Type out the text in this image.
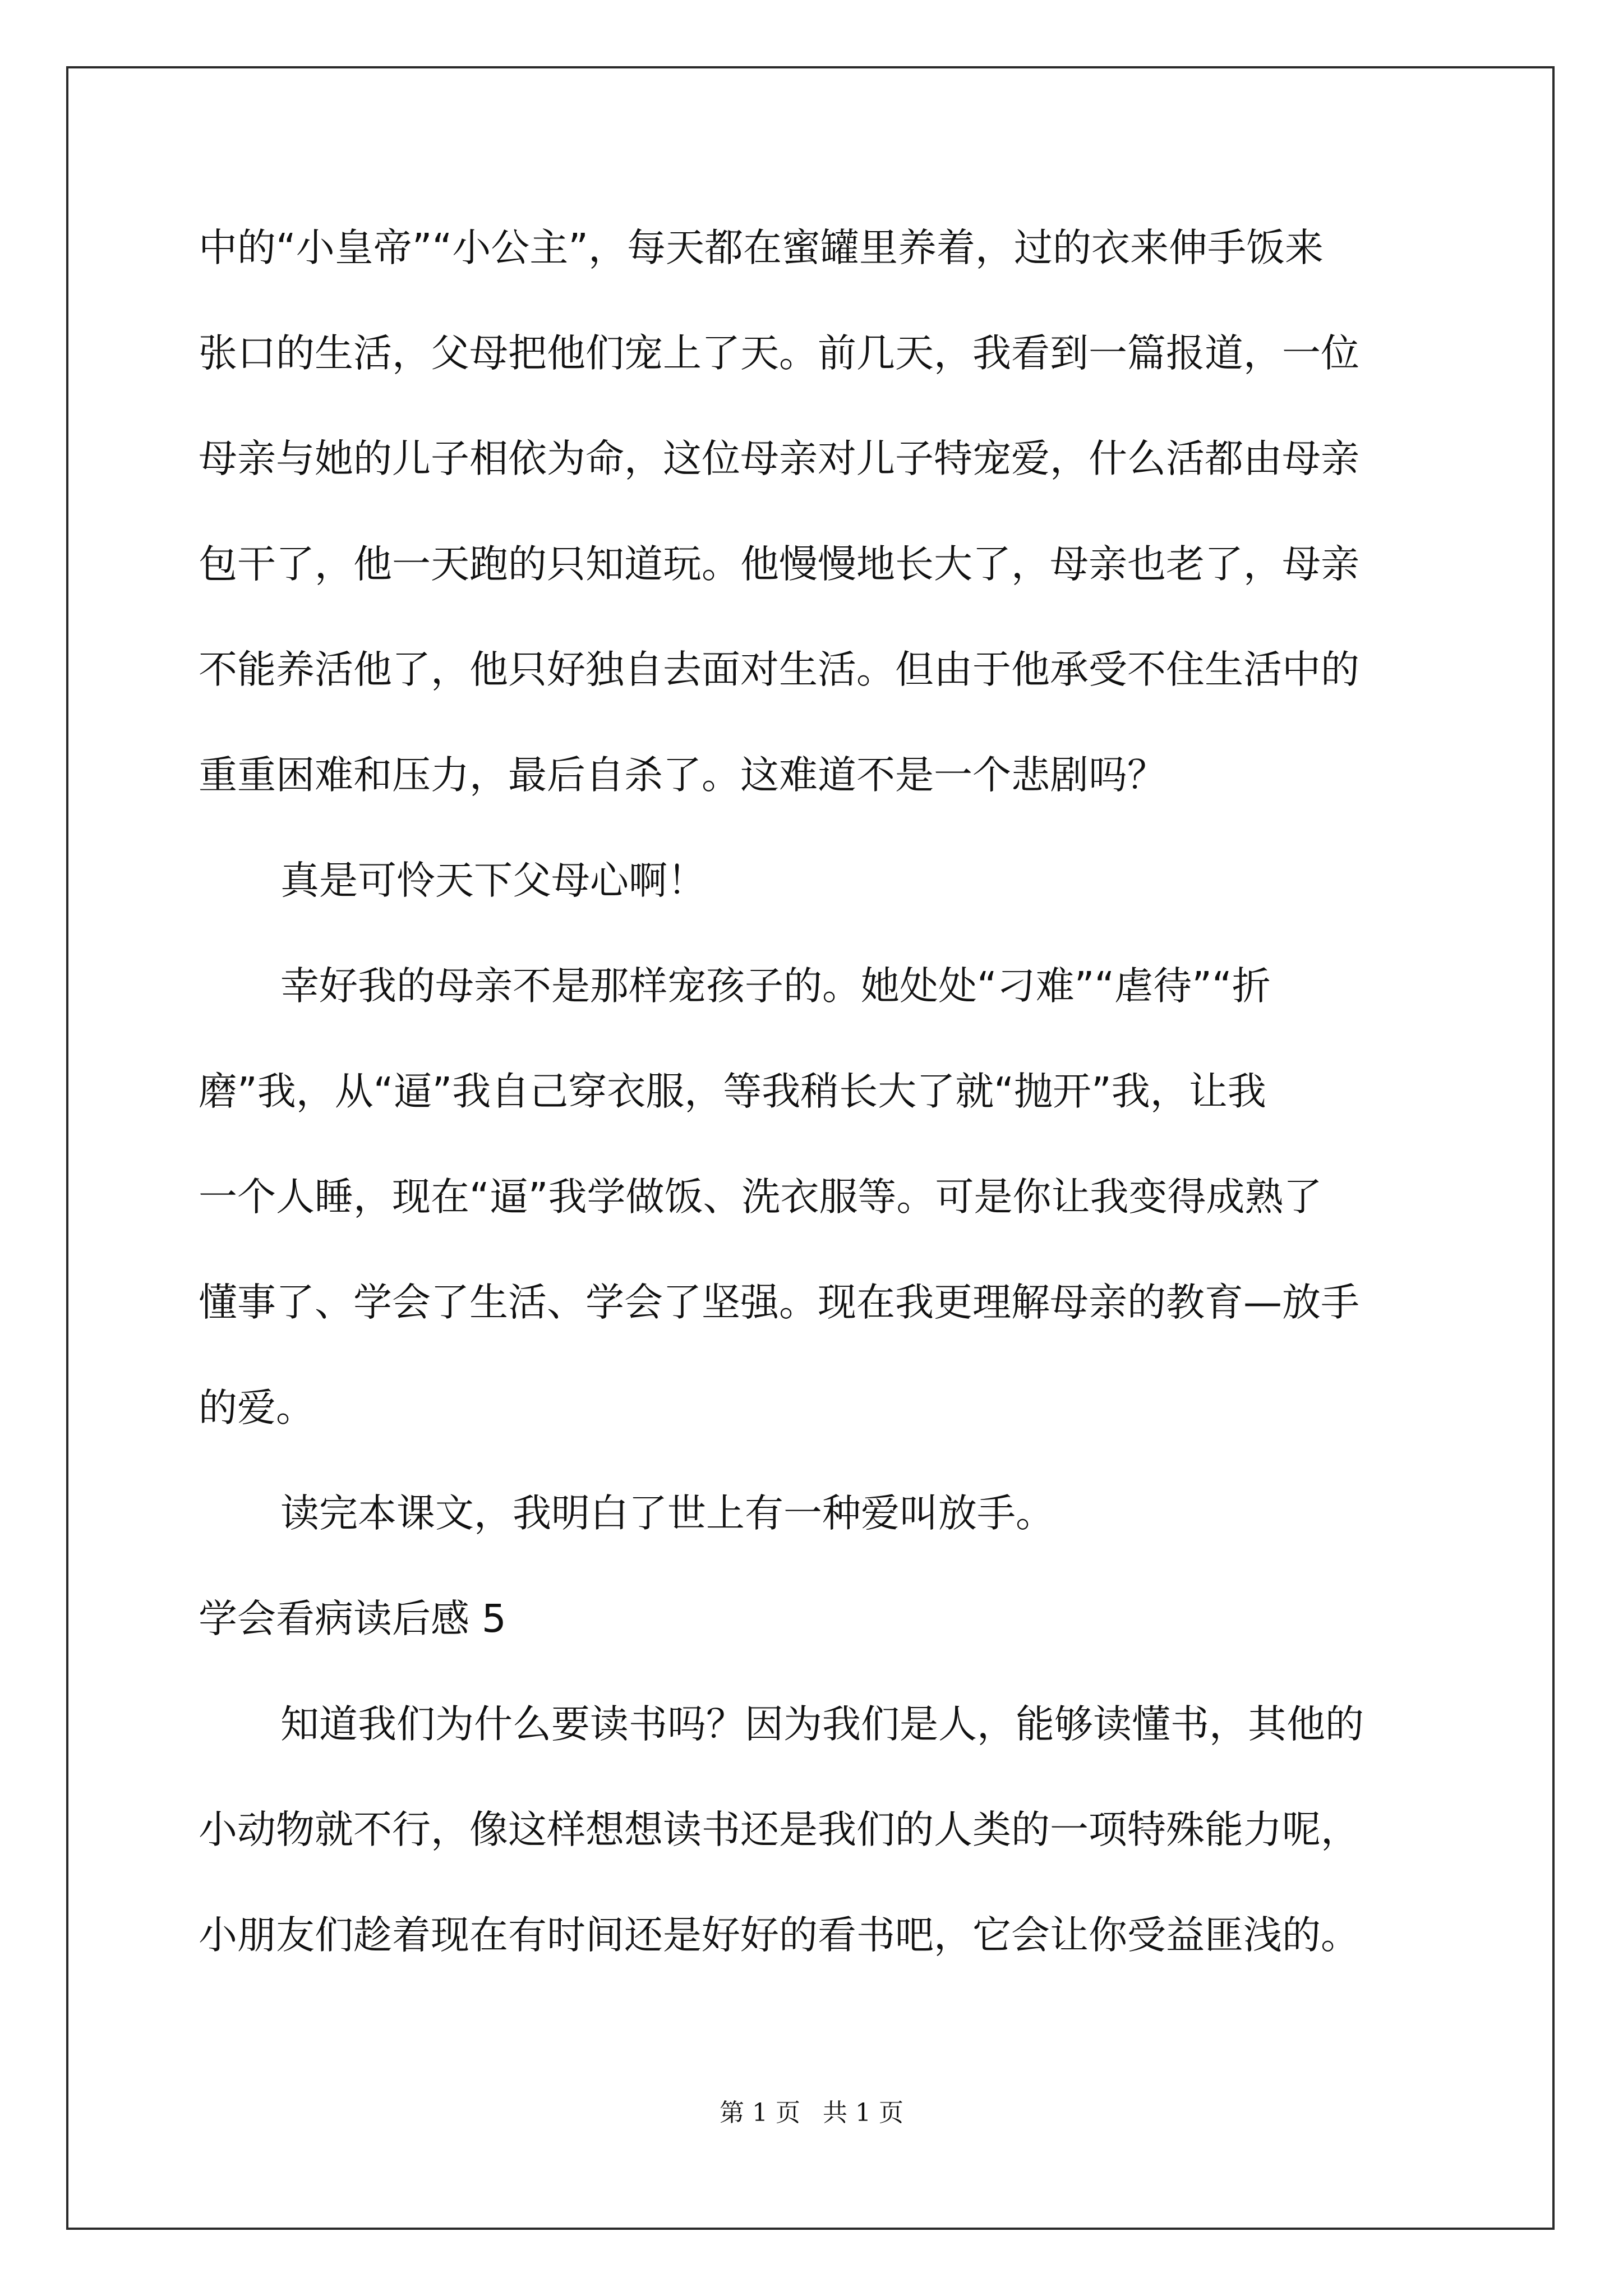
中的“小皇帝”“小公主”，每天都在蜜罐里养着，过的衣来伸手饭来
张口的生活，父母把他们宠上了天。前几天，我看到一篇报道，一位
母亲与她的儿子相依为命，这位母亲对儿子特宠爱，什么活都由母亲
包干了，他一天跑的只知道玩。他慢慢地长大了，母亲也老了，母亲
不能养活他了，他只好独自去面对生活。但由于他承受不住生活中的
重重困难和压力，最后自杀了。这难道不是一个悲剧吗？
真是可怜天下父母心啊！
幸好我的母亲不是那样宠孩子的。她处处“刁难”“虐待”“折
磨”我，从“逼”我自己穿衣服，等我稍长大了就“抛开”我，让我
一个人睡，现在“逼”我学做饭、洗衣服等。可是你让我变得成熟了
懂事了、学会了生活、学会了坚强。现在我更理解母亲的教育—放手
的爱。
读完本课文，我明白了世上有一种爱叫放手。
学会看病读后感 5
知道我们为什么要读书吗？因为我们是人，能够读懂书，其他的
小动物就不行，像这样想想读书还是我们的人类的一项特殊能力呢，
小朋友们趁着现在有时间还是好好的看书吧，它会让你受益匪浅的。
第 1 页 共 1 页
